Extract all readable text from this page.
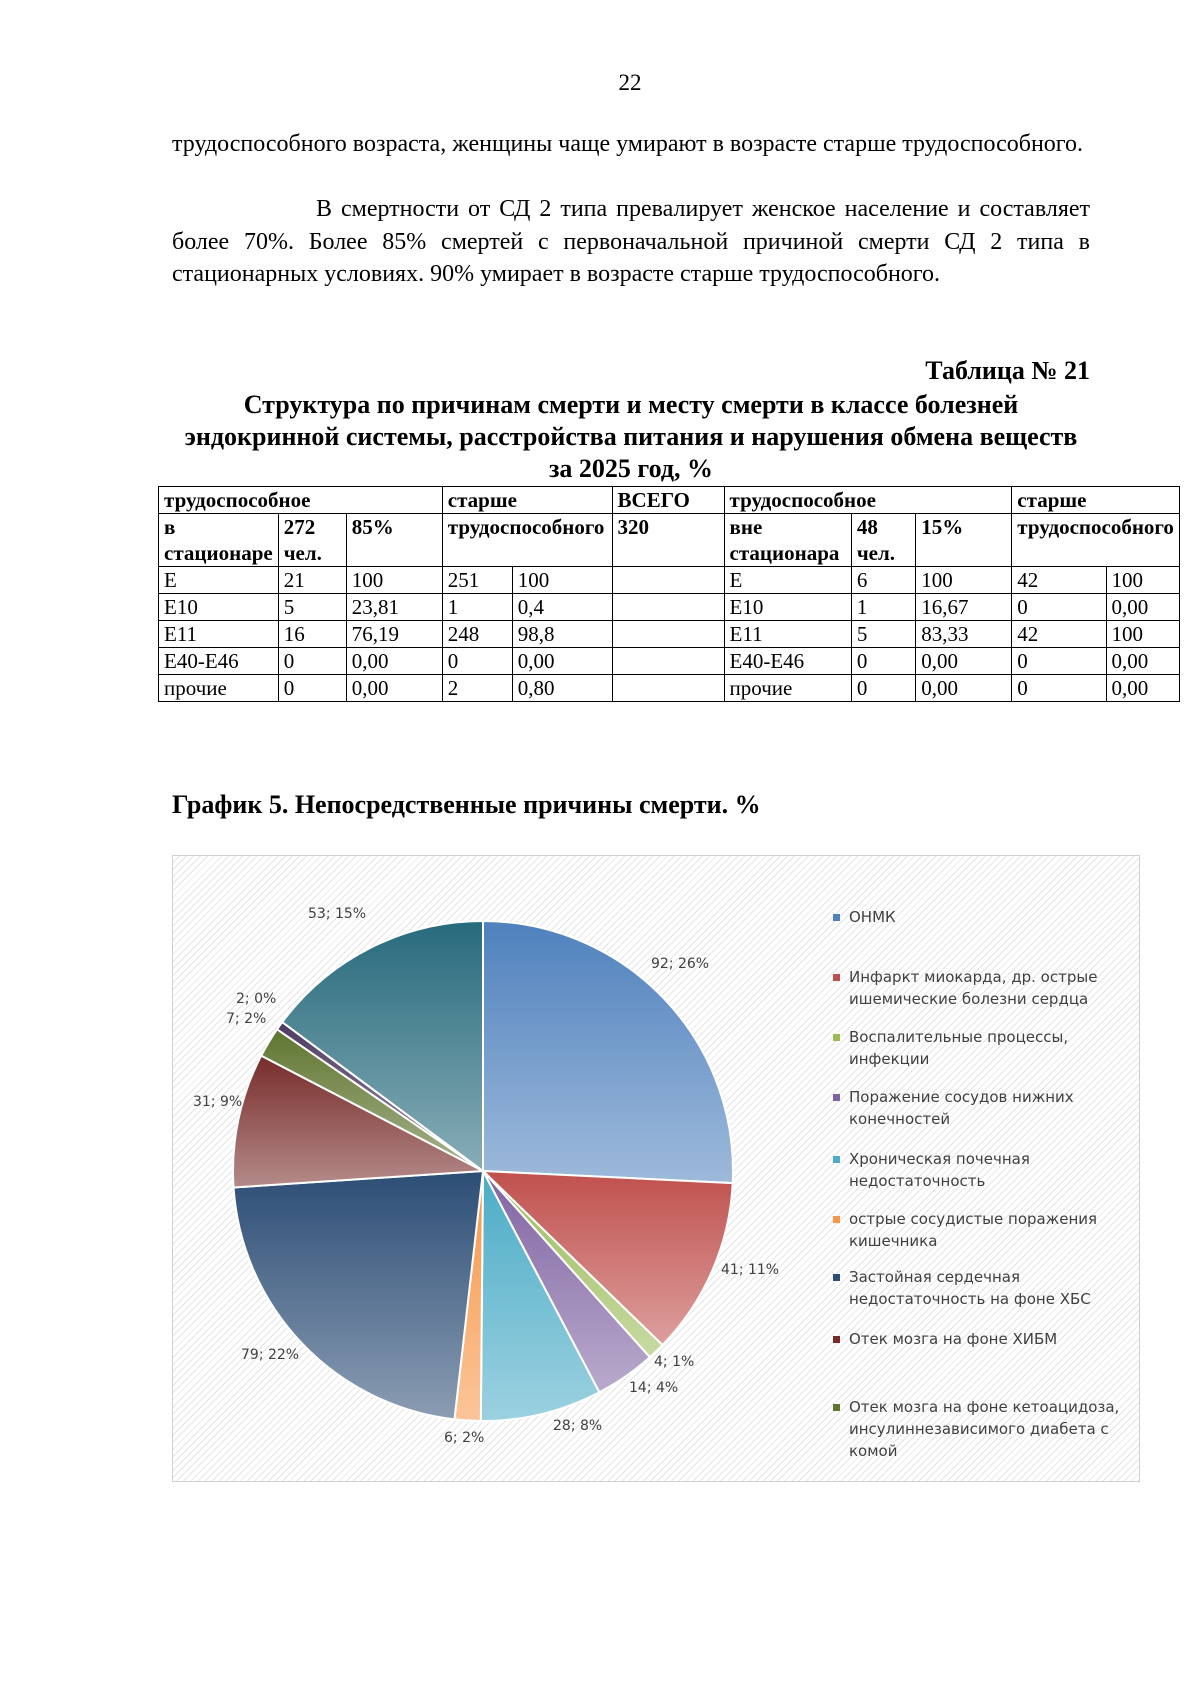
22
трудоспособного возраста, женщины чаще умирают в возрасте старше трудоспособного.
В смертности от СД 2 типа превалирует женское население и составляет более 70%. Более 85% смертей с первоначальной причиной смерти СД 2 типа в стационарных условиях. 90% умирает в возрасте старше трудоспособного.
Таблица № 21
Структура по причинам смерти и месту смерти в классе болезней эндокринной системы, расстройства питания и нарушения обмена веществ за 2025 год, %
трудоспособное			старше		ВСЕГО	трудоспособное			старше	
в стационаре	272 чел.	85%	трудоспособного		320	вне стационара	48 чел.	15%	трудоспособного	
Е	21	100	251	100		Е	6	100	42	100
Е10	5	23,81	1	0,4		Е10	1	16,67	0	0,00
Е11	16	76,19	248	98,8		Е11	5	83,33	42	100
Е40-Е46	0	0,00	0	0,00		Е40-Е46	0	0,00	0	0,00
прочие	0	0,00	2	0,80		прочие	0	0,00	0	0,00
График 5. Непосредственные причины смерти. %
92; 26%
41; 11%
4; 1%
14; 4%
28; 8%
6; 2%
79; 22%
31; 9%
7; 2%
2; 0%
53; 15%	ОНМК
Инфаркт миокарда, др. острые ишемические болезни сердца
Воспалительные процессы, инфекции
Поражение сосудов нижних конечностей
Хроническая почечная недостаточность
острые сосудистые поражения кишечника
Застойная сердечная недостаточность на фоне ХБС
Отек мозга на фоне ХИБМ
Отек мозга на фоне кетоацидоза, инсулиннезависимого диабета с комой
